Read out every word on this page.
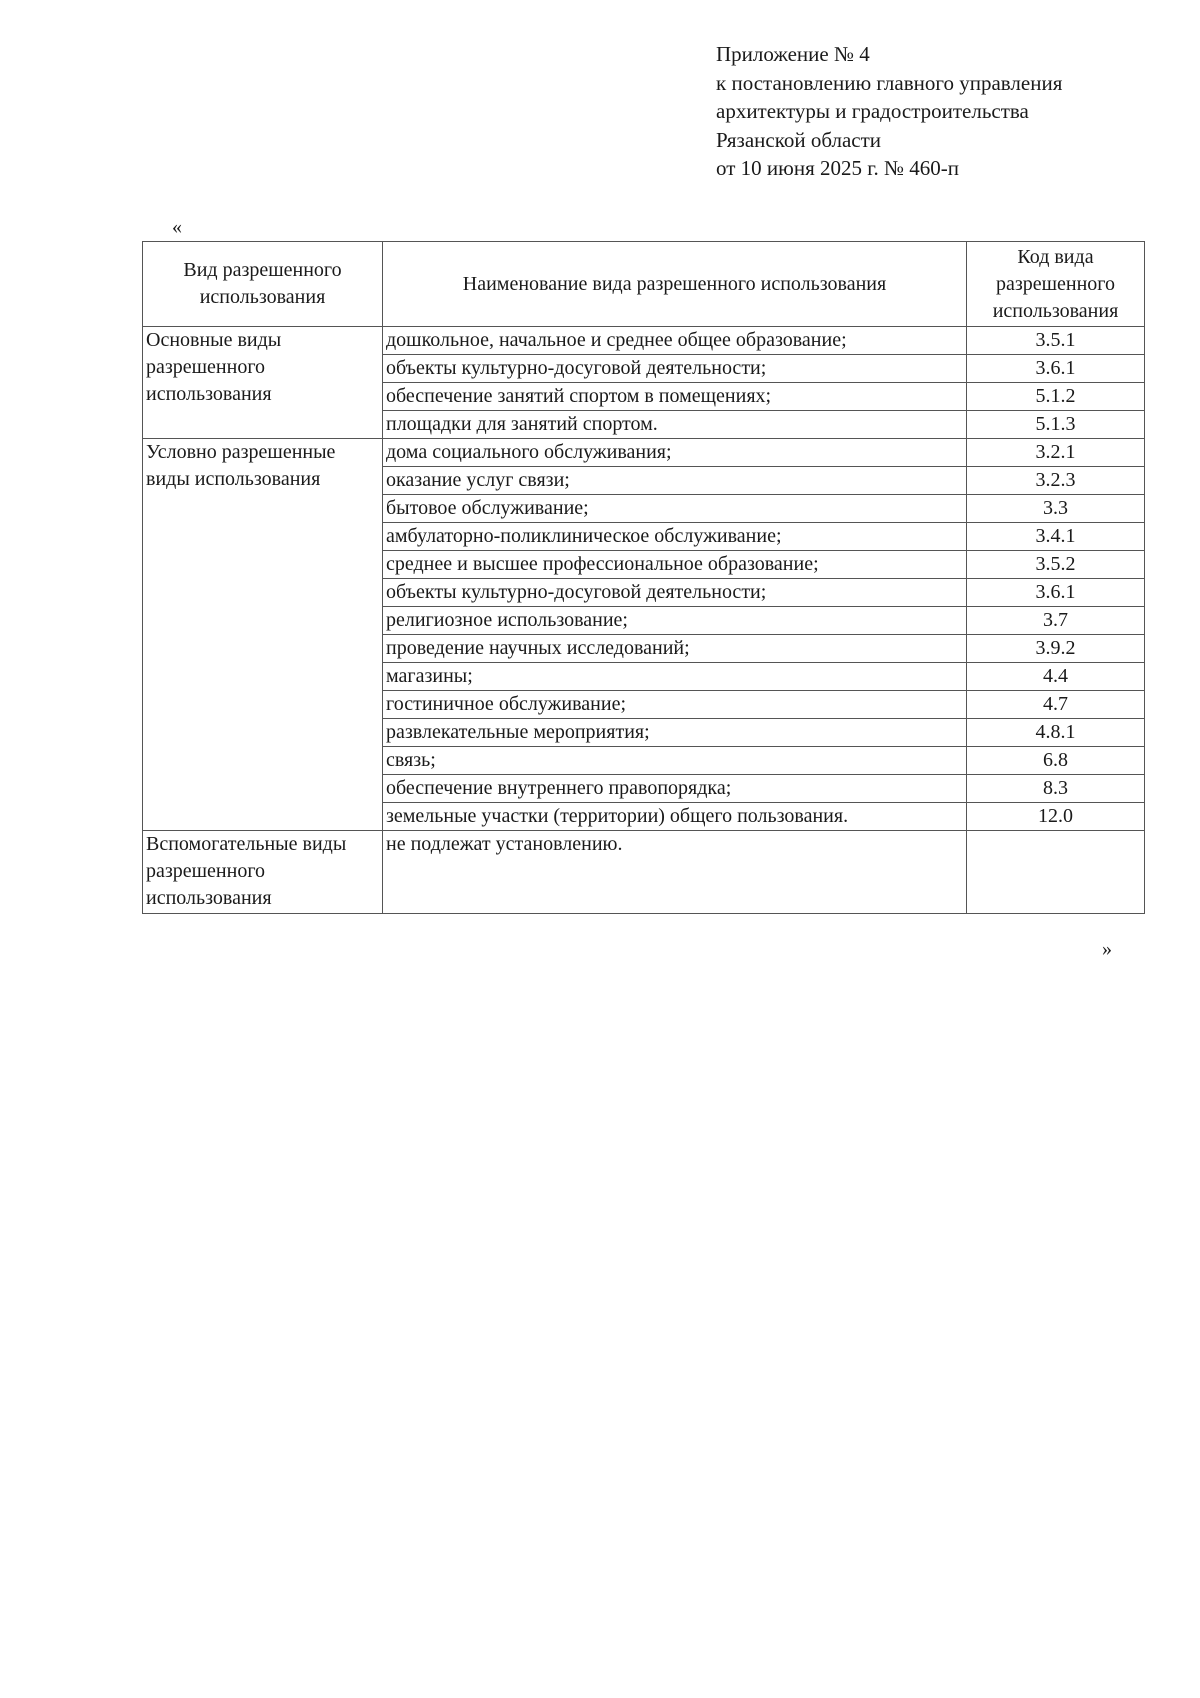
Приложение № 4
к постановлению главного управления
архитектуры и градостроительства
Рязанской области
от 10 июня 2025 г. № 460-п
«
Вид разрешенного использования	Наименование вида разрешенного использования	Код вида разрешенного использования
Основные виды разрешенного использования	дошкольное, начальное и среднее общее образование;	3.5.1
	объекты культурно-досуговой деятельности;	3.6.1
	обеспечение занятий спортом в помещениях;	5.1.2
	площадки для занятий спортом.	5.1.3
Условно разрешенные виды использования	дома социального обслуживания;	3.2.1
	оказание услуг связи;	3.2.3
	бытовое обслуживание;	3.3
	амбулаторно-поликлиническое обслуживание;	3.4.1
	среднее и высшее профессиональное образование;	3.5.2
	объекты культурно-досуговой деятельности;	3.6.1
	религиозное использование;	3.7
	проведение научных исследований;	3.9.2
	магазины;	4.4
	гостиничное обслуживание;	4.7
	развлекательные мероприятия;	4.8.1
	связь;	6.8
	обеспечение внутреннего правопорядка;	8.3
	земельные участки (территории) общего пользования.	12.0
Вспомогательные виды разрешенного использования	не подлежат установлению.	
»
